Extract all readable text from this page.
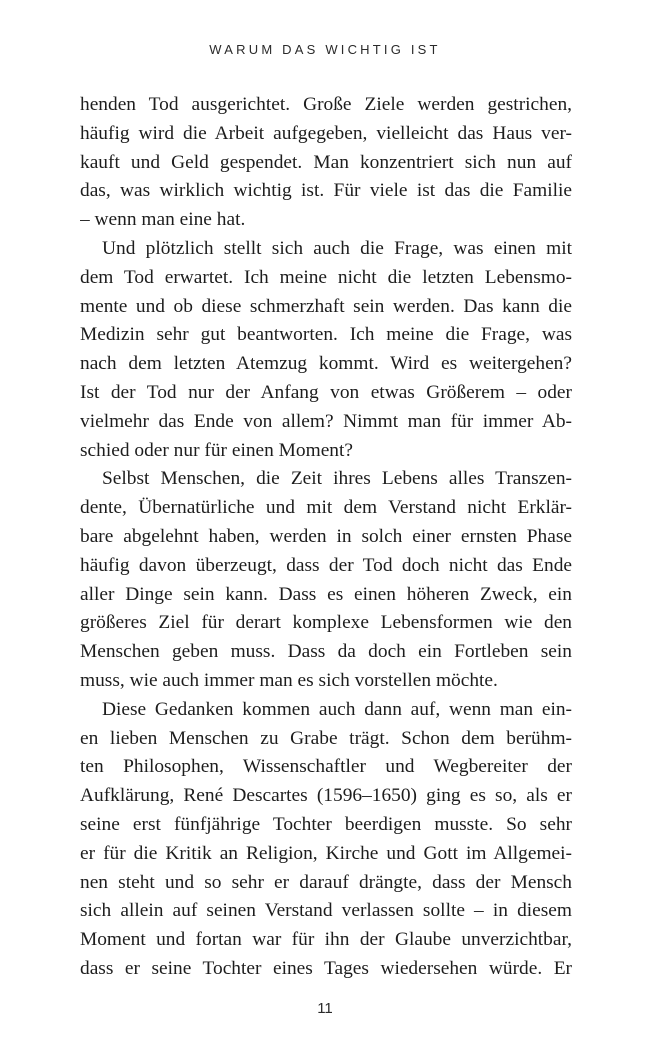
WARUM DAS WICHTIG IST
henden Tod ausgerichtet. Große Ziele werden gestrichen,
häufig wird die Arbeit aufgegeben, vielleicht das Haus ver-
kauft und Geld gespendet. Man konzentriert sich nun auf
das, was wirklich wichtig ist. Für viele ist das die Familie
– wenn man eine hat.
Und plötzlich stellt sich auch die Frage, was einen mit
dem Tod erwartet. Ich meine nicht die letzten Lebensmo-
mente und ob diese schmerzhaft sein werden. Das kann die
Medizin sehr gut beantworten. Ich meine die Frage, was
nach dem letzten Atemzug kommt. Wird es weitergehen?
Ist der Tod nur der Anfang von etwas Größerem – oder
vielmehr das Ende von allem? Nimmt man für immer Ab-
schied oder nur für einen Moment?
Selbst Menschen, die Zeit ihres Lebens alles Transzen-
dente, Übernatürliche und mit dem Verstand nicht Erklär-
bare abgelehnt haben, werden in solch einer ernsten Phase
häufig davon überzeugt, dass der Tod doch nicht das Ende
aller Dinge sein kann. Dass es einen höheren Zweck, ein
größeres Ziel für derart komplexe Lebensformen wie den
Menschen geben muss. Dass da doch ein Fortleben sein
muss, wie auch immer man es sich vorstellen möchte.
Diese Gedanken kommen auch dann auf, wenn man ein-
en lieben Menschen zu Grabe trägt. Schon dem berühm-
ten Philosophen, Wissenschaftler und Wegbereiter der
Aufklärung, René Descartes (1596–1650) ging es so, als er
seine erst fünfjährige Tochter beerdigen musste. So sehr
er für die Kritik an Religion, Kirche und Gott im Allgemei-
nen steht und so sehr er darauf drängte, dass der Mensch
sich allein auf seinen Verstand verlassen sollte – in diesem
Moment und fortan war für ihn der Glaube unverzichtbar,
dass er seine Tochter eines Tages wiedersehen würde. Er
11
